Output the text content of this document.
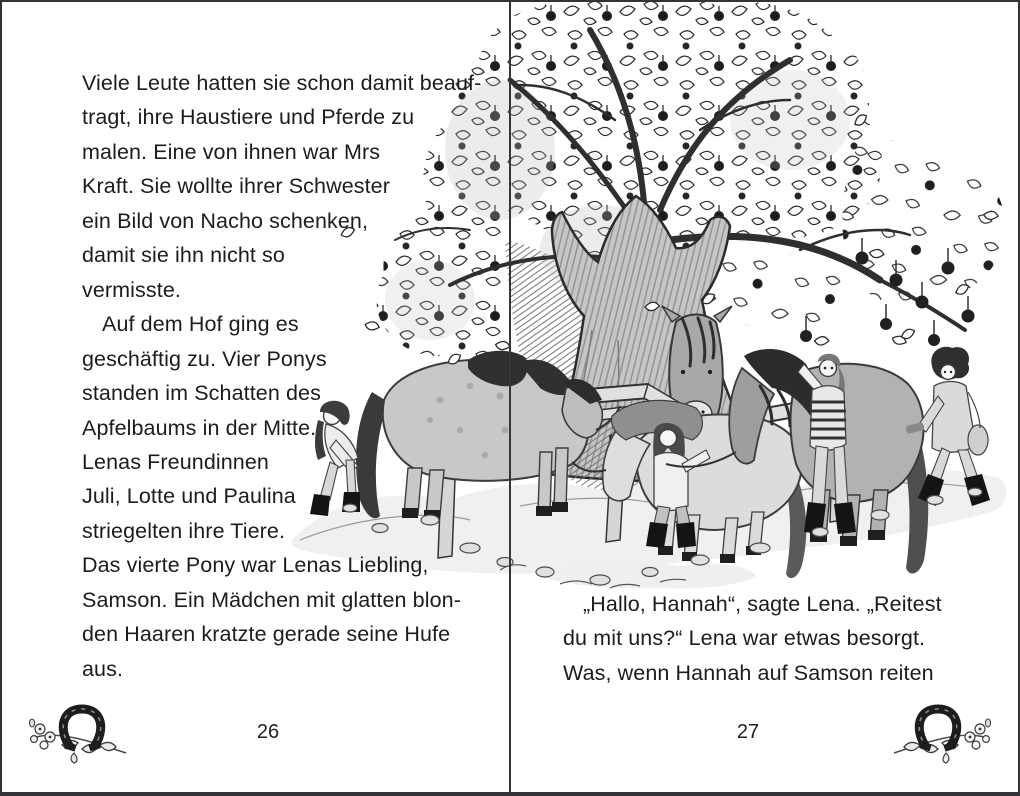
Viele Leute hatten sie schon damit beauf-
tragt, ihre Haustiere und Pferde zu
malen. Eine von ihnen war Mrs
Kraft. Sie wollte ihrer Schwester
ein Bild von Nacho schenken,
damit sie ihn nicht so
vermisste.
Auf dem Hof ging es
geschäftig zu. Vier Ponys
standen im Schatten des
Apfelbaums in der Mitte.
Lenas Freundinnen
Juli, Lotte und Paulina
striegelten ihre Tiere.
Das vierte Pony war Lenas Liebling,
Samson. Ein Mädchen mit glatten blon-
den Haaren kratzte gerade seine Hufe
aus.
„Hallo, Hannah“, sagte Lena. „Reitest
du mit uns?“ Lena war etwas besorgt.
Was, wenn Hannah auf Samson reiten
26	27
